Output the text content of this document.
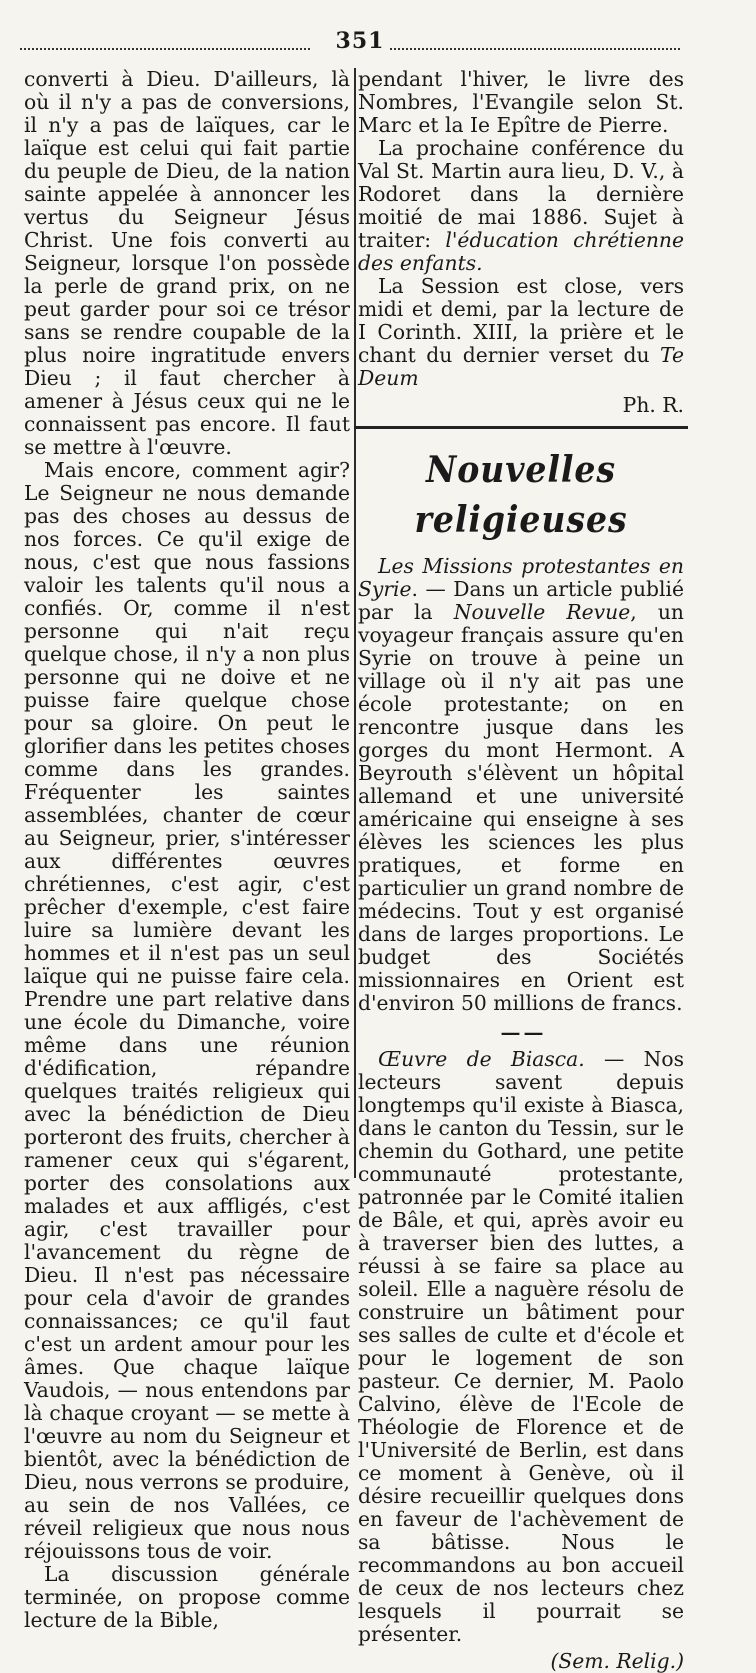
351

converti à Dieu. D'ailleurs, là où il n'y a pas de conversions, il n'y a pas de laïques, car le laïque est celui qui fait partie du peuple de Dieu, de la nation sainte appelée à annoncer les vertus du Seigneur Jésus Christ. Une fois converti au Seigneur, lorsque l'on possède la perle de grand prix, on ne peut garder pour soi ce trésor sans se rendre coupable de la plus noire ingratitude envers Dieu ; il faut chercher à amener à Jésus ceux qui ne le connaissent pas encore. Il faut se mettre à l'œuvre.

Mais encore, comment agir? Le Seigneur ne nous demande pas des choses au dessus de nos forces. Ce qu'il exige de nous, c'est que nous fassions valoir les talents qu'il nous a confiés. Or, comme il n'est personne qui n'ait reçu quelque chose, il n'y a non plus personne qui ne doive et ne puisse faire quelque chose pour sa gloire. On peut le glorifier dans les petites choses comme dans les grandes. Fréquenter les saintes assemblées, chanter de cœur au Seigneur, prier, s'intéresser aux différentes œuvres chrétiennes, c'est agir, c'est prêcher d'exemple, c'est faire luire sa lumière devant les hommes et il n'est pas un seul laïque qui ne puisse faire cela. Prendre une part relative dans une école du Dimanche, voire même dans une réunion d'édification, répandre quelques traités religieux qui avec la bénédiction de Dieu porteront des fruits, chercher à ramener ceux qui s'égarent, porter des consolations aux malades et aux affligés, c'est agir, c'est travailler pour l'avancement du règne de Dieu. Il n'est pas nécessaire pour cela d'avoir de grandes connaissances; ce qu'il faut c'est un ardent amour pour les âmes. Que chaque laïque Vaudois, — nous entendons par là chaque croyant — se mette à l'œuvre au nom du Seigneur et bientôt, avec la bénédiction de Dieu, nous verrons se produire, au sein de nos Vallées, ce réveil religieux que nous nous réjouissons tous de voir.

La discussion générale terminée, on propose comme lecture de la Bible,

pendant l'hiver, le livre des Nombres, l'Evangile selon St. Marc et la Ie Epître de Pierre.

La prochaine conférence du Val St. Martin aura lieu, D. V., à Rodoret dans la dernière moitié de mai 1886. Sujet à traiter: l'éducation chrétienne des enfants.

La Session est close, vers midi et demi, par la lecture de I Corinth. XIII, la prière et le chant du dernier verset du Te Deum

Ph. R.
Nouvelles religieuses

Les Missions protestantes en Syrie. — Dans un article publié par la Nouvelle Revue, un voyageur français assure qu'en Syrie on trouve à peine un village où il n'y ait pas une école protestante; on en rencontre jusque dans les gorges du mont Hermont. A Beyrouth s'élèvent un hôpital allemand et une université américaine qui enseigne à ses élèves les sciences les plus pratiques, et forme en particulier un grand nombre de médecins. Tout y est organisé dans de larges proportions. Le budget des Sociétés missionnaires en Orient est d'environ 50 millions de francs.

— —

Œuvre de Biasca. — Nos lecteurs savent depuis longtemps qu'il existe à Biasca, dans le canton du Tessin, sur le chemin du Gothard, une petite communauté protestante, patronnée par le Comité italien de Bâle, et qui, après avoir eu à traverser bien des luttes, a réussi à se faire sa place au soleil. Elle a naguère résolu de construire un bâtiment pour ses salles de culte et d'école et pour le logement de son pasteur. Ce dernier, M. Paolo Calvino, élève de l'Ecole de Théologie de Florence et de l'Université de Berlin, est dans ce moment à Genève, où il désire recueillir quelques dons en faveur de l'achèvement de sa bâtisse. Nous le recommandons au bon accueil de ceux de nos lecteurs chez lesquels il pourrait se présenter.

(Sem. Relig.)
